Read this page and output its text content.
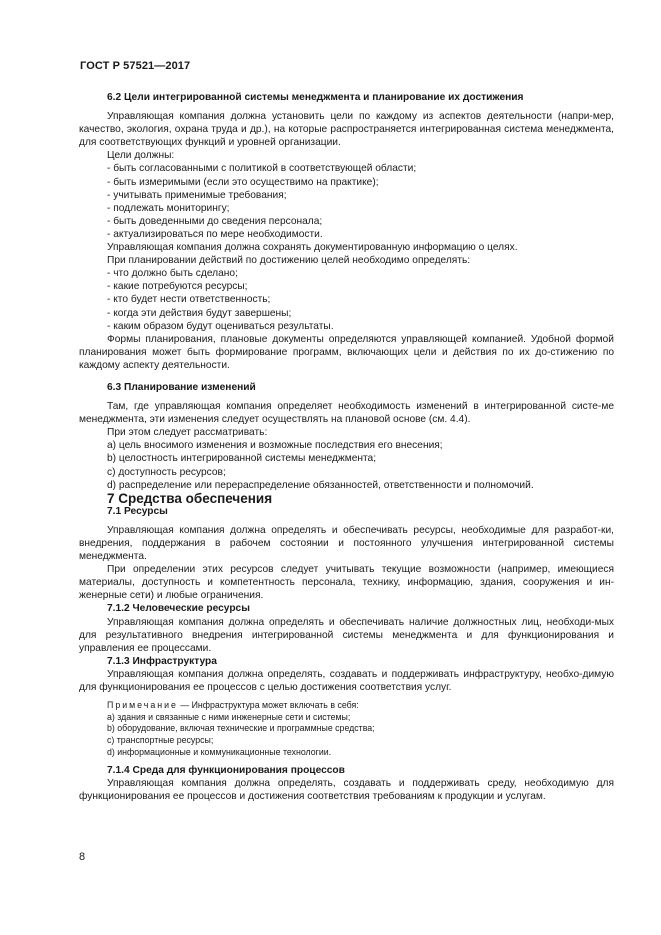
ГОСТ Р 57521—2017

6.2 Цели интегрированной системы менеджмента и планирование их достижения

Управляющая компания должна установить цели по каждому из аспектов деятельности (напри-мер, качество, экология, охрана труда и др.), на которые распространяется интегрированная система менеджмента, для соответствующих функций и уровней организации.

Цели должны:

- быть согласованными с политикой в соответствующей области;

- быть измеримыми (если это осуществимо на практике);

- учитывать применимые требования;

- подлежать мониторингу;

- быть доведенными до сведения персонала;

- актуализироваться по мере необходимости.

Управляющая компания должна сохранять документированную информацию о целях.

При планировании действий по достижению целей необходимо определять:

- что должно быть сделано;

- какие потребуются ресурсы;

- кто будет нести ответственность;

- когда эти действия будут завершены;

- каким образом будут оцениваться результаты.

Формы планирования, плановые документы определяются управляющей компанией. Удобной формой планирования может быть формирование программ, включающих цели и действия по их до-стижению по каждому аспекту деятельности.

6.3 Планирование изменений

Там, где управляющая компания определяет необходимость изменений в интегрированной систе-ме менеджмента, эти изменения следует осуществлять на плановой основе (см. 4.4).

При этом следует рассматривать:

a) цель вносимого изменения и возможные последствия его внесения;

b) целостность интегрированной системы менеджмента;

c) доступность ресурсов;

d) распределение или перераспределение обязанностей, ответственности и полномочий.

7 Средства обеспечения

7.1 Ресурсы

Управляющая компания должна определять и обеспечивать ресурсы, необходимые для разработ-ки, внедрения, поддержания в рабочем состоянии и постоянного улучшения интегрированной системы менеджмента.

При определении этих ресурсов следует учитывать текущие возможности (например, имеющиеся материалы, доступность и компетентность персонала, технику, информацию, здания, сооружения и ин-женерные сети) и любые ограничения.

7.1.2 Человеческие ресурсы

Управляющая компания должна определять и обеспечивать наличие должностных лиц, необходи-мых для результативного внедрения интегрированной системы менеджмента и для функционирования и управления ее процессами.

7.1.3 Инфраструктура

Управляющая компания должна определять, создавать и поддерживать инфраструктуру, необхо-димую для функционирования ее процессов с целью достижения соответствия услуг.

Примечание — Инфраструктура может включать в себя:

a) здания и связанные с ними инженерные сети и системы;

b) оборудование, включая технические и программные средства;

c) транспортные ресурсы;

d) информационные и коммуникационные технологии.

7.1.4 Среда для функционирования процессов

Управляющая компания должна определять, создавать и поддерживать среду, необходимую для функционирования ее процессов и достижения соответствия требованиям к продукции и услугам.

8
